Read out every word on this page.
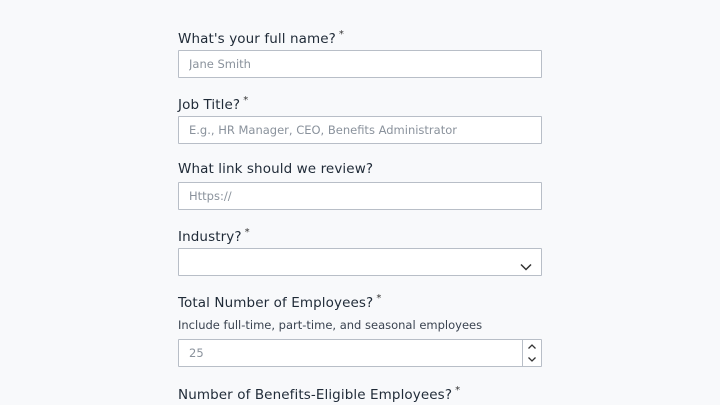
What's your full name? *
Jane Smith
Job Title? *
E.g., HR Manager, CEO, Benefits Administrator
What link should we review?
Https://
Industry? *
Total Number of Employees? *
Include full-time, part-time, and seasonal employees
25
Number of Benefits-Eligible Employees? *
